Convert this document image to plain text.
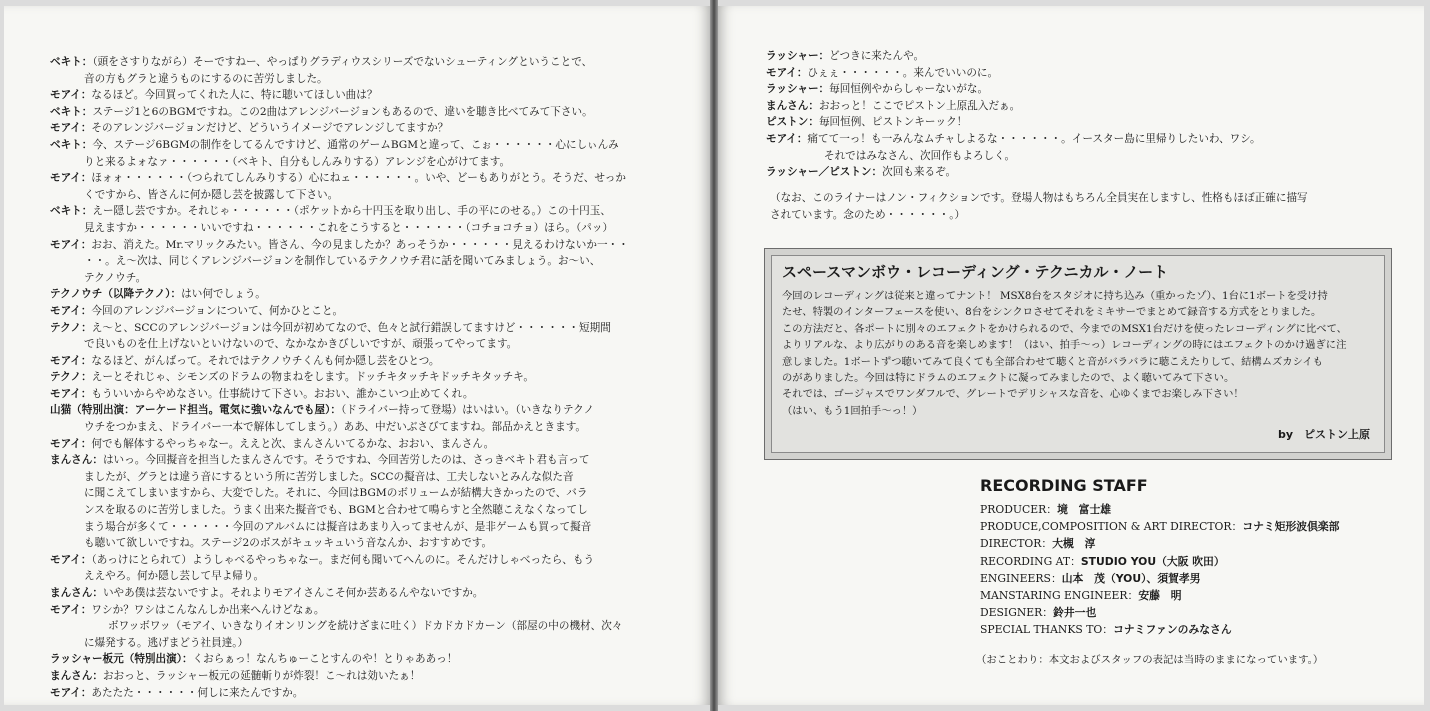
ベキト：（頭をさすりながら）そーですねー、やっぱりグラディウスシリーズでないシューティングということで、
音の方もグラと違うものにするのに苦労しました。
モアイ：なるほど。今回買ってくれた人に、特に聴いてほしい曲は？
ベキト：ステージ1と6のBGMですね。この2曲はアレンジバージョンもあるので、違いを聴き比べてみて下さい。
モアイ：そのアレンジバージョンだけど、どういうイメージでアレンジしてますか？
ベキト：今、ステージ6BGMの制作をしてるんですけど、通常のゲームBGMと違って、こぉ・・・・・・心にしぃんみ
りと来るよォなァ・・・・・・（ベキト、自分もしんみりする）アレンジを心がけてます。
モアイ：ほォォ・・・・・・（つられてしんみりする）心にねェ・・・・・・。いや、どーもありがとう。そうだ、せっか
くですから、皆さんに何か隠し芸を披露して下さい。
ベキト：えー隠し芸ですか。それじゃ・・・・・・（ポケットから十円玉を取り出し、手の平にのせる。）この十円玉、
見えますか・・・・・・いいですね・・・・・・これをこうすると・・・・・・（コチョコチョ）ほら。（パッ）
モアイ：おお、消えた。Mr.マリックみたい。皆さん、今の見ましたか？あっそうか・・・・・・見えるわけないか一・・
・・。え～次は、同じくアレンジバージョンを制作しているテクノウチ君に話を聞いてみましょう。お～い、
テクノウチ。
テクノウチ（以降テクノ）：はい何でしょう。
モアイ：今回のアレンジバージョンについて、何かひとこと。
テクノ：え～と、SCCのアレンジバージョンは今回が初めてなので、色々と試行錯誤してますけど・・・・・・短期間
で良いものを仕上げないといけないので、なかなかきびしいですが、頑張ってやってます。
モアイ：なるほど、がんばって。それではテクノウチくんも何か隠し芸をひとつ。
テクノ：えーとそれじゃ、シモンズのドラムの物まねをします。ドッチキタッチキドッチキタッチキ。
モアイ：もういいからやめなさい。仕事続けて下さい。おおい、誰かこいつ止めてくれ。
山猫（特別出演：アーケード担当。電気に強いなんでも屋）：（ドライバー持って登場）はいはい。（いきなりテクノ
ウチをつかまえ、ドライバー一本で解体してしまう。）ああ、中だいぶさびてますね。部品かえときます。
モアイ：何でも解体するやっちゃなー。ええと次、まんさんいてるかな、おおい、まんさん。
まんさん：はいっ。今回擬音を担当したまんさんです。そうですね、今回苦労したのは、さっきベキト君も言って
ましたが、グラとは違う音にするという所に苦労しました。SCCの擬音は、工夫しないとみんな似た音
に聞こえてしまいますから、大変でした。それに、今回はBGMのボリュームが結構大きかったので、バラ
ンスを取るのに苦労しました。うまく出来た擬音でも、BGMと合わせて鳴らすと全然聴こえなくなってし
まう場合が多くて・・・・・・今回のアルバムには擬音はあまり入ってませんが、是非ゲームも買って擬音
も聴いて欲しいですね。ステージ2のボスがキュッキュいう音なんか、おすすめです。
モアイ：（あっけにとられて）ようしゃべるやっちゃなー。まだ何も聞いてへんのに。そんだけしゃべったら、もう
ええやろ。何か隠し芸して早よ帰り。
まんさん：いやあ僕は芸ないですよ。それよりモアイさんこそ何か芸あるんやないですか。
モアイ：ワシか？ワシはこんなんしか出来へんけどなぁ。
ボワッボワッ（モアイ、いきなりイオンリングを続けざまに吐く）ドカドカドカーン（部屋の中の機材、次々
に爆発する。逃げまどう社員達。）
ラッシャー板元（特別出演）：くおらぁっ！なんちゅーことすんのや！とりゃああっ！
まんさん：おおっと、ラッシャー板元の延髄斬りが炸裂！こ～れは効いたぁ！
モアイ：あたたた・・・・・・何しに来たんですか。
ラッシャー：どつきに来たんや。
モアイ：ひぇぇ・・・・・・。来んでいいのに。
ラッシャー：毎回恒例やからしゃーないがな。
まんさん：おおっと！ここでピストン上原乱入だぁ。
ピストン：毎回恒例、ピストンキーック！
モアイ：痛てて一っ！も一みんなムチャしよるな・・・・・・。イースター島に里帰りしたいわ、ワシ。
それではみなさん、次回作もよろしく。
ラッシャー／ピストン：次回も来るぞ。
（なお、このライナーはノン・フィクションです。登場人物はもちろん全員実在しますし、性格もほぼ正確に描写
されています。念のため・・・・・・。）
スペースマンボウ・レコーディング・テクニカル・ノート
今回のレコーディングは従来と違ってナント！ MSX8台をスタジオに持ち込み（重かったゾ）、1台に1ボートを受け持
たせ、特製のインターフェースを使い、8台をシンクロさせてそれをミキサーでまとめて録音する方式をとりました。
この方法だと、各ポートに別々のエフェクトをかけられるので、今までのMSX1台だけを使ったレコーディングに比べて、
よりリアルな、より広がりのある音を楽しめます！（はい、拍手～っ）レコーディングの時にはエフェクトのかけ過ぎに注
意しました。1ボートずつ聴いてみて良くても全部合わせて聴くと音がバラバラに聴こえたりして、結構ムズカシイも
のがありました。今回は特にドラムのエフェクトに凝ってみましたので、よく聴いてみて下さい。
それでは、ゴージャスでワンダフルで、グレートでデリシャスな音を、心ゆくまでお楽しみ下さい！
（はい、もう1回拍手～っ！）
by　ピストン上原
RECORDING STAFF
PRODUCER：境　富士雄
PRODUCE,COMPOSITION & ART DIRECTOR：コナミ矩形波倶楽部
DIRECTOR：大槻　淳
RECORDING AT：STUDIO YOU（大阪 吹田）
ENGINEERS：山本　茂（YOU）、須賀孝男
MANSTARING ENGINEER：安藤　明
DESIGNER：鈴井一也
SPECIAL THANKS TO：コナミファンのみなさん
（おことわり：本文およびスタッフの表記は当時のままになっています。）
